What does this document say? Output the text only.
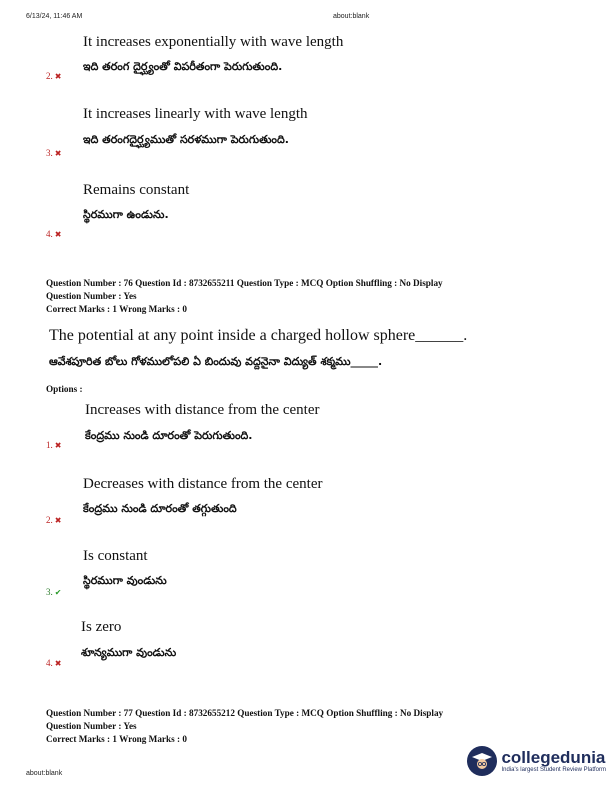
6/13/24, 11:46 AM	about:blank
It increases exponentially with wave length
ఇది తరంగ దైర్ఘ్యంతో విపరీతంగా పెరుగుతుంది.
2. ✖
It increases linearly with wave length
ఇది తరంగదైర్ఘ్యముతో సరళముగా పెరుగుతుంది.
3. ✖
Remains constant
స్థిరముగా ఉండును.
4. ✖
Question Number : 76 Question Id : 8732655211 Question Type : MCQ Option Shuffling : No Display
Question Number : Yes
Correct Marks : 1 Wrong Marks : 0
The potential at any point inside a charged hollow sphere______.
ఆవేశపూరిత బోలు గోళములోపలి ఏ బిందువు వద్దనైనా విద్యుత్ శక్మము_____.
Options :
Increases with distance from the center
కేంద్రము నుండి దూరంతో పెరుగుతుంది.
1. ✖
Decreases with distance from the center
కేంద్రము నుండి దూరంతో తగ్గుతుంది
2. ✖
Is constant
స్థిరముగా వుండును
3. ✔
Is zero
శూన్యముగా వుండును
4. ✖
Question Number : 77 Question Id : 8732655212 Question Type : MCQ Option Shuffling : No Display
Question Number : Yes
Correct Marks : 1 Wrong Marks : 0
about:blank
collegedunia
India's largest Student Review Platform
